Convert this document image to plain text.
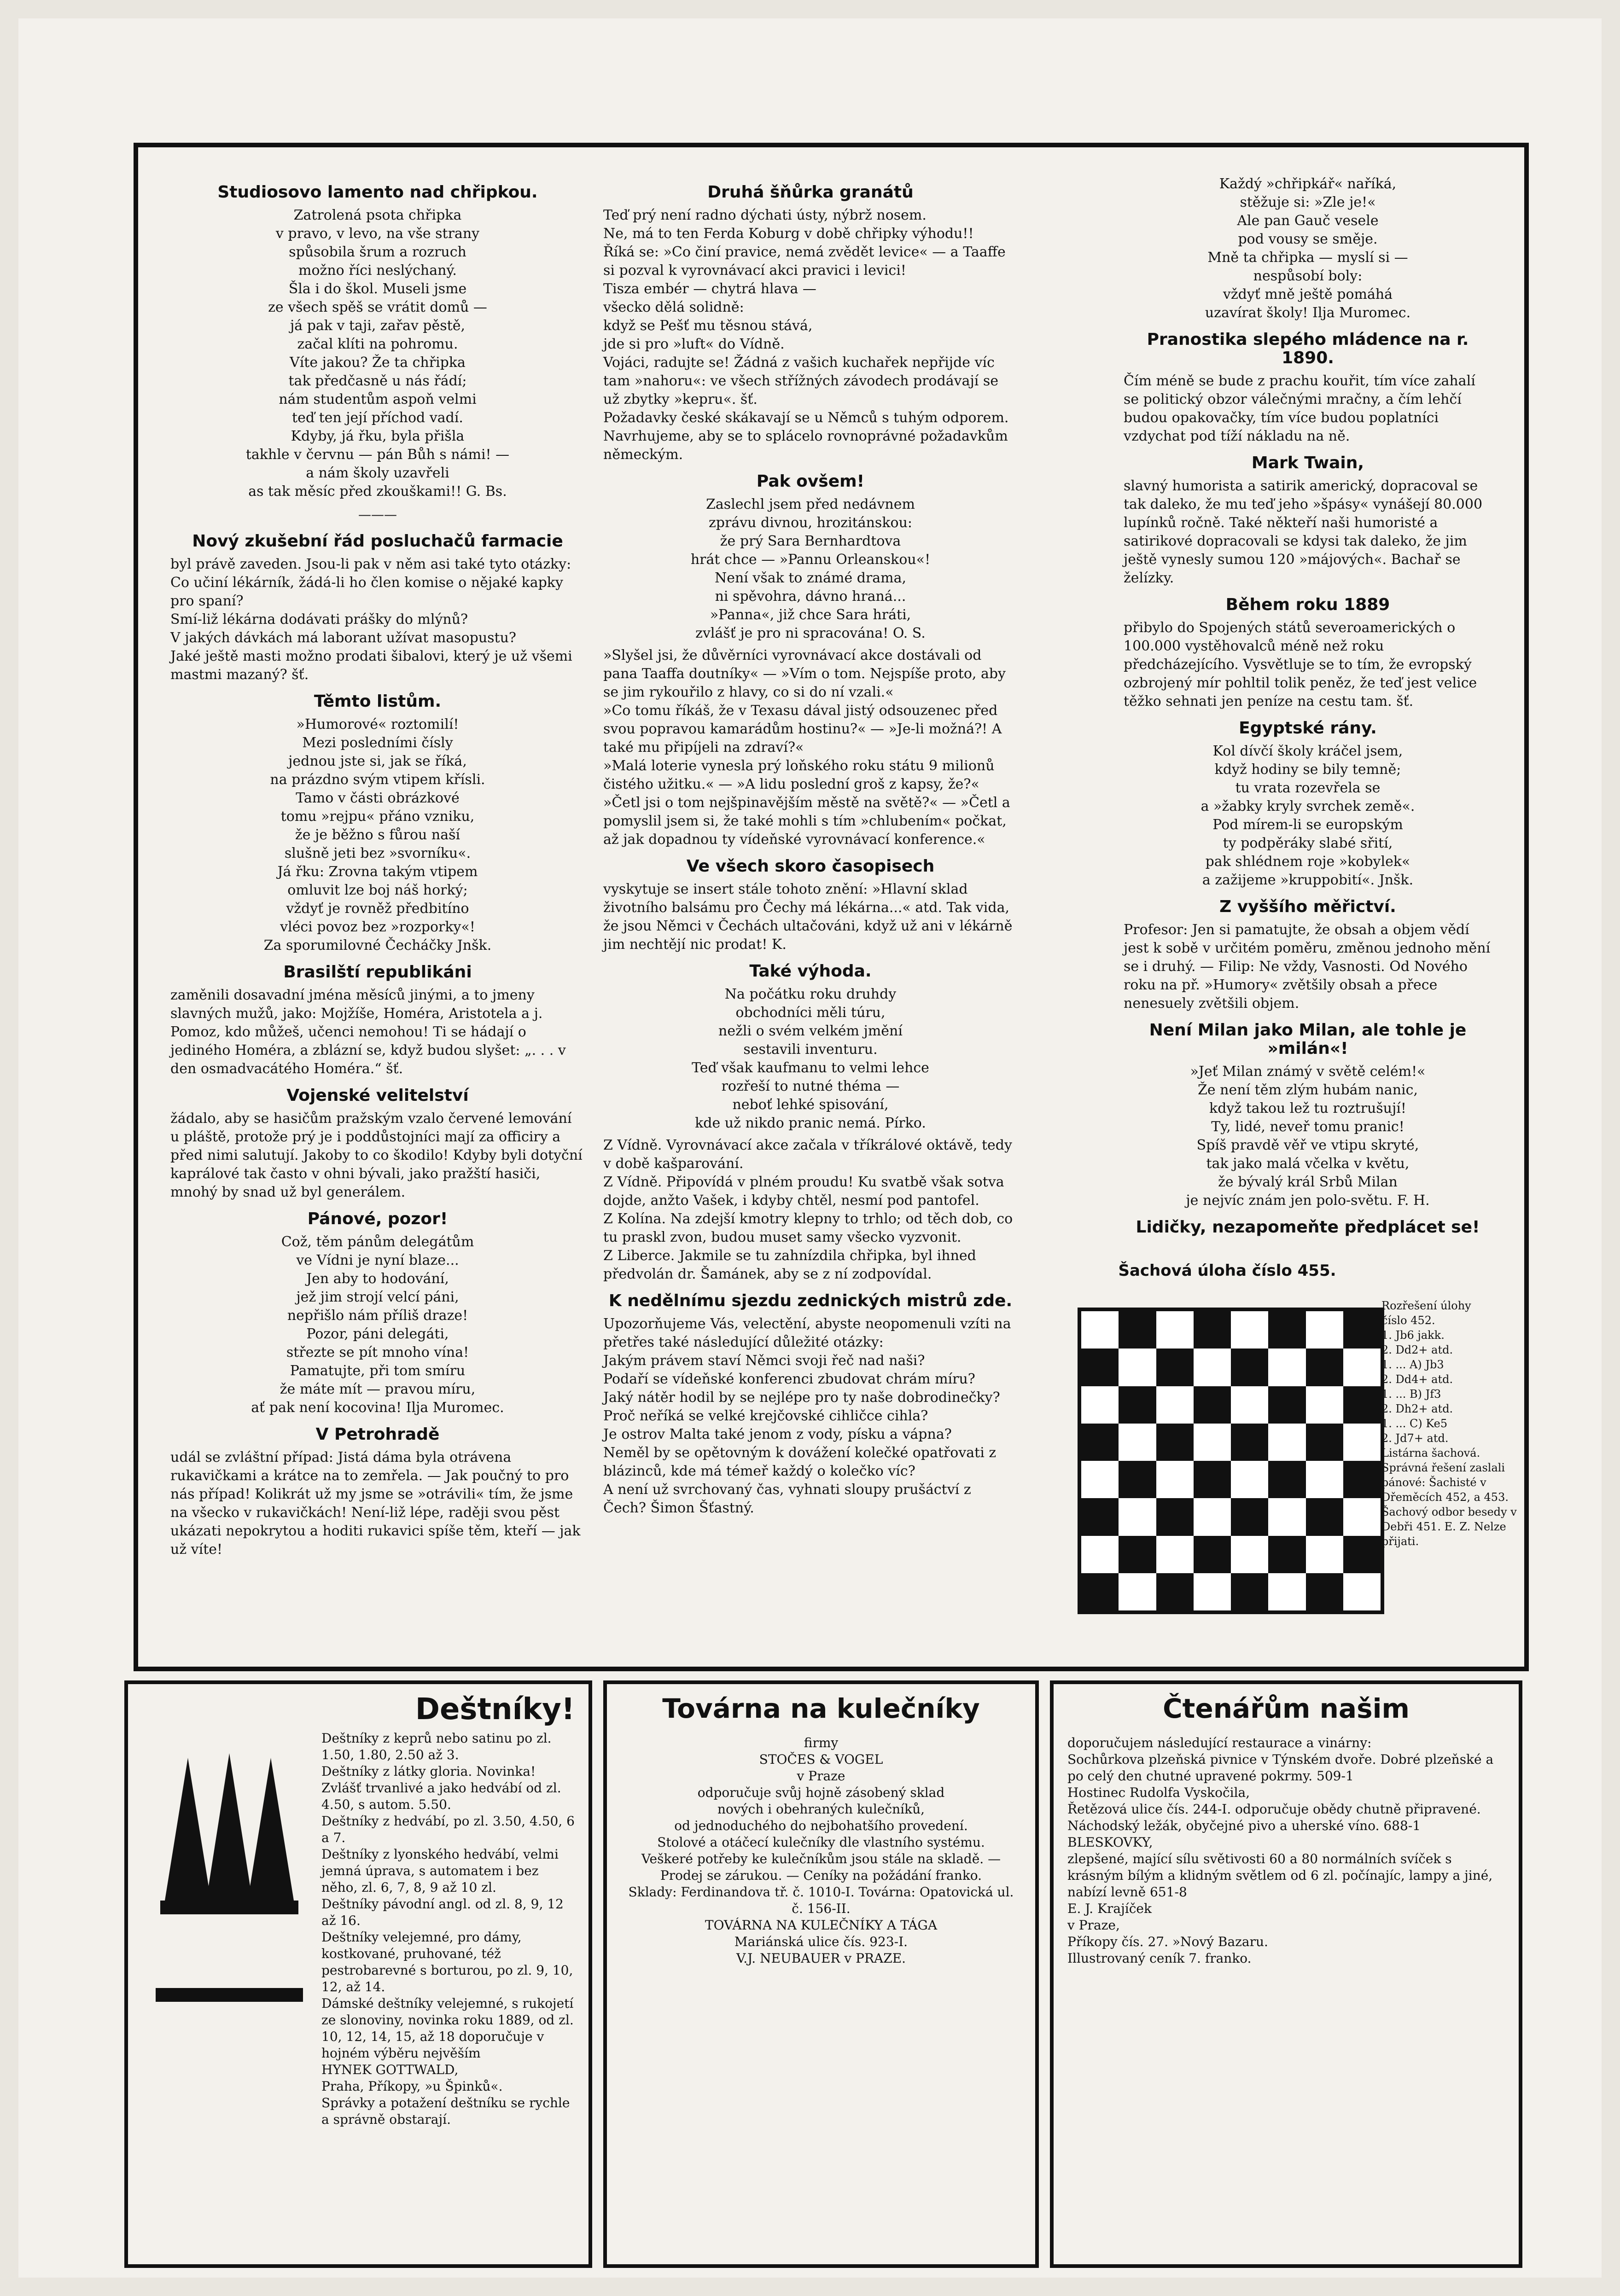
Studiosovo lamento nad chřipkou.
Zatrolená psota chřipka
v pravo, v levo, na vše strany
spůsobila šrum a rozruch
možno říci neslýchaný.
Šla i do škol. Museli jsme
ze všech spěš se vrátit domů —
já pak v taji, zařav pěstě,
začal klíti na pohromu.
Víte jakou? Že ta chřipka
tak předčasně u nás řádí;
nám studentům aspoň velmi
teď ten její příchod vadí.
Kdyby, já řku, byla přišla
takhle v červnu — pán Bůh s námi! —
a nám školy uzavřeli
as tak měsíc před zkouškami!! G. Bs.
———
Nový zkušební řád posluchačů farmacie
byl právě zaveden. Jsou-li pak v něm asi také tyto otázky:
Co učiní lékárník, žádá-li ho člen komise o nějaké kapky pro spaní?
Smí-liž lékárna dodávati prášky do mlýnů?
V jakých dávkách má laborant užívat masopustu?
Jaké ještě masti možno prodati šibalovi, který je už všemi mastmi mazaný? šť.
Těmto listům.
»Humorové« roztomilí!
Mezi posledními čísly
jednou jste si, jak se říká,
na prázdno svým vtipem křísli.
Tamo v části obrázkové
tomu »rejpu« přáno vzniku,
že je běžno s fůrou naší
slušně jeti bez »svorníku«.
Já řku: Zrovna takým vtipem
omluvit lze boj náš horký;
vždyť je rovněž předbitíno
vléci povoz bez »rozporky«!
Za sporumilovné Čecháčky Jnšk.
Brasilští republikáni
zaměnili dosavadní jména měsíců jinými, a to jmeny slavných mužů, jako: Mojžíše, Homéra, Aristotela a j. Pomoz, kdo můžeš, učenci nemohou! Ti se hádají o jediného Homéra, a zblázní se, když budou slyšet: „. . . v den osmadvacátého Homéra.“ šť.
Vojenské velitelství
žádalo, aby se hasičům pražským vzalo červené lemování u pláště, protože prý je i poddůstojníci mají za officiry a před nimi salutují. Jakoby to co škodilo! Kdyby byli dotyční kaprálové tak často v ohni bývali, jako pražští hasiči, mnohý by snad už byl generálem.
Pánové, pozor!
Což, těm pánům delegátům
ve Vídni je nyní blaze...
Jen aby to hodování,
jež jim strojí velcí páni,
nepřišlo nám příliš draze!
Pozor, páni delegáti,
střezte se pít mnoho vína!
Pamatujte, při tom smíru
že máte mít — pravou míru,
ať pak není kocovina! Ilja Muromec.
V Petrohradě
udál se zvláštní případ: Jistá dáma byla otrávena rukavičkami a krátce na to zemřela. — Jak poučný to pro nás případ! Kolikrát už my jsme se »otrávili« tím, že jsme na všecko v rukavičkách! Není-liž lépe, raději svou pěst ukázati nepokrytou a hoditi rukavici spíše těm, kteří — jak už víte!
Druhá šňůrka granátů
Teď prý není radno dýchati ústy, nýbrž nosem.
Ne, má to ten Ferda Koburg v době chřipky výhodu!!
Říká se: »Co činí pravice, nemá zvědět levice« — a Taaffe si pozval k vyrovnávací akci pravici i levici!
Tisza embér — chytrá hlava —
všecko dělá solidně:
když se Pešť mu těsnou stává,
jde si pro »luft« do Vídně.
Vojáci, radujte se! Žádná z vašich kuchařek nepřijde víc tam »nahoru«: ve všech střížných závodech prodávají se už zbytky »kepru«. šť.
Požadavky české skákavají se u Němců s tuhým odporem. Navrhujeme, aby se to splácelo rovnoprávné požadavkům německým.
Pak ovšem!
Zaslechl jsem před nedávnem
zprávu divnou, hrozitánskou:
že prý Sara Bernhardtova
hrát chce — »Pannu Orleanskou«!
Není však to známé drama,
ni spěvohra, dávno hraná...
»Panna«, již chce Sara hráti,
zvlášť je pro ni spracována! O. S.
»Slyšel jsi, že důvěrníci vyrovnávací akce dostávali od pana Taaffa doutníky« — »Vím o tom. Nejspíše proto, aby se jim rykouřilo z hlavy, co si do ní vzali.«
»Co tomu říkáš, že v Texasu dával jistý odsouzenec před svou popravou kamarádům hostinu?« — »Je-li možná?! A také mu připíjeli na zdraví?«
»Malá loterie vynesla prý loňského roku státu 9 milionů čistého užitku.« — »A lidu poslední groš z kapsy, že?«
»Četl jsi o tom nejšpinavějším městě na světě?« — »Četl a pomyslil jsem si, že také mohli s tím »chlubením« počkat, až jak dopadnou ty vídeňské vyrovnávací konference.«
Ve všech skoro časopisech
vyskytuje se insert stále tohoto znění: »Hlavní sklad životního balsámu pro Čechy má lékárna...« atd. Tak vida, že jsou Němci v Čechách ultačováni, když už ani v lékárně jim nechtějí nic prodat! K.
Také výhoda.
Na počátku roku druhdy
obchodníci měli túru,
nežli o svém velkém jmění
sestavili inventuru.
Teď však kaufmanu to velmi lehce
rozřeší to nutné théma —
neboť lehké spisování,
kde už nikdo pranic nemá. Pírko.
Z Vídně. Vyrovnávací akce začala v tříkrálové oktávě, tedy v době kašparování.
Z Vídně. Připovídá v plném proudu! Ku svatbě však sotva dojde, anžto Vašek, i kdyby chtěl, nesmí pod pantofel.
Z Kolína. Na zdejší kmotry klepny to trhlo; od těch dob, co tu praskl zvon, budou muset samy všecko vyzvonit.
Z Liberce. Jakmile se tu zahnízdila chřipka, byl ihned předvolán dr. Šamánek, aby se z ní zodpovídal.
K nedělnímu sjezdu zednických mistrů zde.
Upozorňujeme Vás, velectění, abyste neopomenuli vzíti na přetřes také následující důležité otázky:
Jakým právem staví Němci svoji řeč nad naši?
Podaří se vídeňské konferenci zbudovat chrám míru?
Jaký nátěr hodil by se nejlépe pro ty naše dobrodinečky?
Proč neříká se velké krejčovské cihličce cihla?
Je ostrov Malta také jenom z vody, písku a vápna?
Neměl by se opětovným k dovážení kolečké opatřovati z blázinců, kde má témeř každý o kolečko víc?
A není už svrchovaný čas, vyhnati sloupy prušáctví z Čech? Šimon Šťastný.
Každý »chřipkář« naříká,
stěžuje si: »Zle je!«
Ale pan Gauč vesele
pod vousy se směje.
Mně ta chřipka — myslí si —
nespůsobí boly:
vždyť mně ještě pomáhá
uzavírat školy! Ilja Muromec.
Pranostika slepého mládence na r. 1890.
Čím méně se bude z prachu kouřit, tím více zahalí se politický obzor válečnými mračny, a čím lehčí budou opakovačky, tím více budou poplatníci vzdychat pod tíží nákladu na ně.
Mark Twain,
slavný humorista a satirik americký, dopracoval se tak daleko, že mu teď jeho »špásy« vynášejí 80.000 lupínků ročně. Také někteří naši humoristé a satirikové dopracovali se kdysi tak daleko, že jim ještě vynesly sumou 120 »májových«. Bachař se želízky.
Během roku 1889
přibylo do Spojených států severoamerických o 100.000 vystěhovalců méně než roku předcházejícího. Vysvětluje se to tím, že evropský ozbrojený mír pohltil tolik peněz, že teď jest velice těžko sehnati jen peníze na cestu tam. šť.
Egyptské rány.
Kol dívčí školy kráčel jsem,
když hodiny se bily temně;
tu vrata rozevřela se
a »žabky kryly svrchek země«.
Pod mírem-li se europským
ty podpěráky slabé sřití,
pak shlédnem roje »kobylek«
a zažijeme »kruppobití«. Jnšk.
Z vyššího měřictví.
Profesor: Jen si pamatujte, že obsah a objem vědí jest k sobě v určitém poměru, změnou jednoho mění se i druhý. — Filip: Ne vždy, Vasnosti. Od Nového roku na př. »Humory« zvětšily obsah a přece nenesuely zvětšili objem.
Není Milan jako Milan, ale tohle je »milán«!
»Jeť Milan známý v světě celém!«
Že není těm zlým hubám nanic,
když takou lež tu roztrušují!
Ty, lidé, neveř tomu pranic!
Spíš pravdě věř ve vtipu skryté,
tak jako malá včelka v květu,
že bývalý král Srbů Milan
je nejvíc znám jen polo-světu. F. H.
Lidičky, nezapomeňte předplácet se!
Šachová úloha číslo 455.
Rozřešení úlohy
číslo 452.
1. Jb6 jakk.
2. Dd2+ atd.
1. ... A) Jb3
2. Dd4+ atd.
1. ... B) Jf3
2. Dh2+ atd.
1. ... C) Ke5
2. Jd7+ atd.
Listárna šachová.
Správná řešení zaslali pánové: Šachisté v Dřeměcích 452, a 453. Šachový odbor besedy v Debři 451. E. Z. Nelze přijati.
Deštníky!
Deštníky z keprů nebo satinu po zl. 1.50, 1.80, 2.50 až 3.
Deštníky z látky gloria. Novinka! Zvlášť trvanlivé a jako hedvábí od zl. 4.50, s autom. 5.50.
Deštníky z hedvábí, po zl. 3.50, 4.50, 6 a 7.
Deštníky z lyonského hedvábí, velmi jemná úprava, s automatem i bez něho, zl. 6, 7, 8, 9 až 10 zl.
Deštníky pávodní angl. od zl. 8, 9, 12 až 16.
Deštníky velejemné, pro dámy, kostkované, pruhované, též pestrobarevné s borturou, po zl. 9, 10, 12, až 14.
Dámské deštníky velejemné, s rukojetí ze slonoviny, novinka roku 1889, od zl. 10, 12, 14, 15, až 18 doporučuje v hojném výběru nejvěším
HYNEK GOTTWALD,
Praha, Příkopy, »u Špinků«.
Správky a potažení deštníku se rychle a správně obstarají.
Továrna na kulečníky
firmy
STOČES & VOGEL
v Praze
odporučuje svůj hojně zásobený sklad
nových i obehraných kulečníků,
od jednoduchého do nejbohatšího provedení.
Stolové a otáčecí kulečníky dle vlastního systému.
Veškeré potřeby ke kulečníkům jsou stále na skladě. — Prodej se zárukou. — Ceníky na požádání franko.
Sklady: Ferdinandova tř. č. 1010-I. Továrna: Opatovická ul. č. 156-II.
TOVÁRNA NA KULEČNÍKY A TÁGA
Mariánská ulice čís. 923-I.
V.J. NEUBAUER v PRAZE.
Čtenářům našim
doporučujem následující restaurace a vinárny:
Sochůrkova plzeňská pivnice v Týnském dvoře. Dobré plzeňské a po celý den chutné upravené pokrmy. 509-1
Hostinec Rudolfa Vyskočila,
Řetězová ulice čís. 244-I. odporučuje obědy chutně připravené. Náchodský ležák, obyčejné pivo a uherské víno. 688-1
BLESKOVKY,
zlepšené, mající sílu světivosti 60 a 80 normálních svíček s krásným bílým a klidným světlem od 6 zl. počínajíc, lampy a jiné, nabízí levně 651-8
E. J. Krajíček
v Praze,
Příkopy čís. 27. »Nový Bazaru.
Illustrovaný ceník 7. franko.
